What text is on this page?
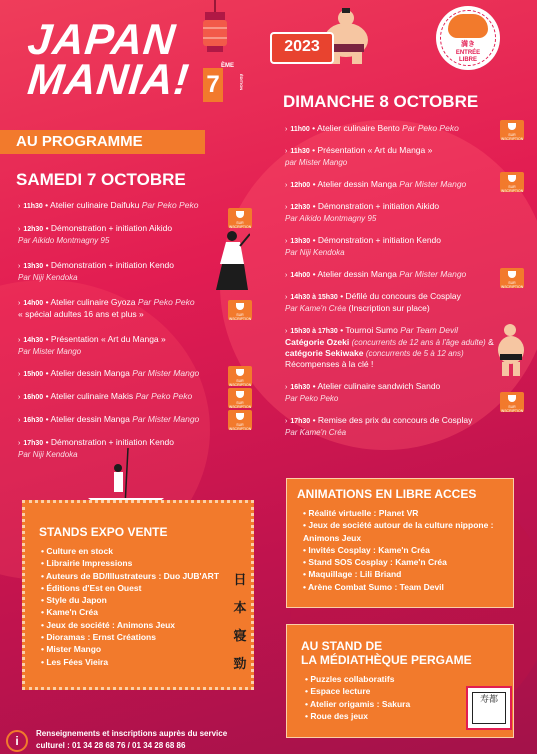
JAPAN
MANIA! 7
ÈME
ÉDITION
2023	満き
ENTRÉE
LIBRE
AU PROGRAMME
SAMEDI 7 OCTOBRE
› 11h30 • Atelier culinaire Daifuku Par Peko Peko
› 12h30 • Démonstration + initiation Aikido
Par Aikido Montmagny 95
› 13h30 • Démonstration + initiation Kendo
Par Niji Kendoka
› 14h00 • Atelier culinaire Gyoza Par Peko Peko
« spécial adultes 16 ans et plus »
› 14h30 • Présentation « Art du Manga »
Par Mister Mango
› 15h00 • Atelier dessin Manga Par Mister Mango
› 16h00 • Atelier culinaire Makis Par Peko Peko
› 16h30 • Atelier dessin Manga Par Mister Mango
› 17h30 • Démonstration + initiation Kendo
Par Niji Kendoka
SUR INSCRIPTION
SUR INSCRIPTION
SUR INSCRIPTION
SUR INSCRIPTION
SUR INSCRIPTION
DIMANCHE 8 OCTOBRE
› 11h00 • Atelier culinaire Bento Par Peko Peko
› 11h30 • Présentation « Art du Manga »
par Mister Mango
› 12h00 • Atelier dessin Manga Par Mister Mango
› 12h30 • Démonstration + initiation Aikido
Par Aikido Montmagny 95
› 13h30 • Démonstration + initiation Kendo
Par Niji Kendoka
› 14h00 • Atelier dessin Manga Par Mister Mango
› 14h30 à 15h30 • Défilé du concours de Cosplay
Par Kame'n Créa (Inscription sur place)
› 15h30 à 17h30 • Tournoi Sumo Par Team Devil
Catégorie Ozeki (concurrents de 12 ans à l'âge adulte) &
catégorie Sekiwake (concurrents de 5 à 12 ans)
Récompenses à la clé !
› 16h30 • Atelier culinaire sandwich Sando
Par Peko Peko
› 17h30 • Remise des prix du concours de Cosplay
Par Kame'n Créa
SUR INSCRIPTION
SUR INSCRIPTION
SUR INSCRIPTION
SUR INSCRIPTION
STANDS EXPO VENTE
• Culture en stock
• Librairie Impressions
• Auteurs de BD/Illustrateurs : Duo JUB'ART
• Éditions d'Est en Ouest
• Style du Japon
• Kame'n Créa
• Jeux de société : Animons Jeux
• Dioramas : Ernst Créations
• Mister Mango
• Les Fées Vieira
日
本
寝
勁
ANIMATIONS EN LIBRE ACCES
• Réalité virtuelle : Planet VR
• Jeux de société autour de la culture nippone : Animons Jeux
• Invités Cosplay : Kame'n Créa
• Stand SOS Cosplay : Kame'n Créa
• Maquillage : Lili Briand
• Arène Combat Sumo : Team Devil
AU STAND DE
LA MÉDIATHÈQUE PERGAME
• Puzzles collaboratifs
• Espace lecture
• Atelier origamis : Sakura
• Roue des jeux
寿都
i
Renseignements et inscriptions auprès du service
culturel : 01 34 28 68 76 / 01 34 28 68 86
